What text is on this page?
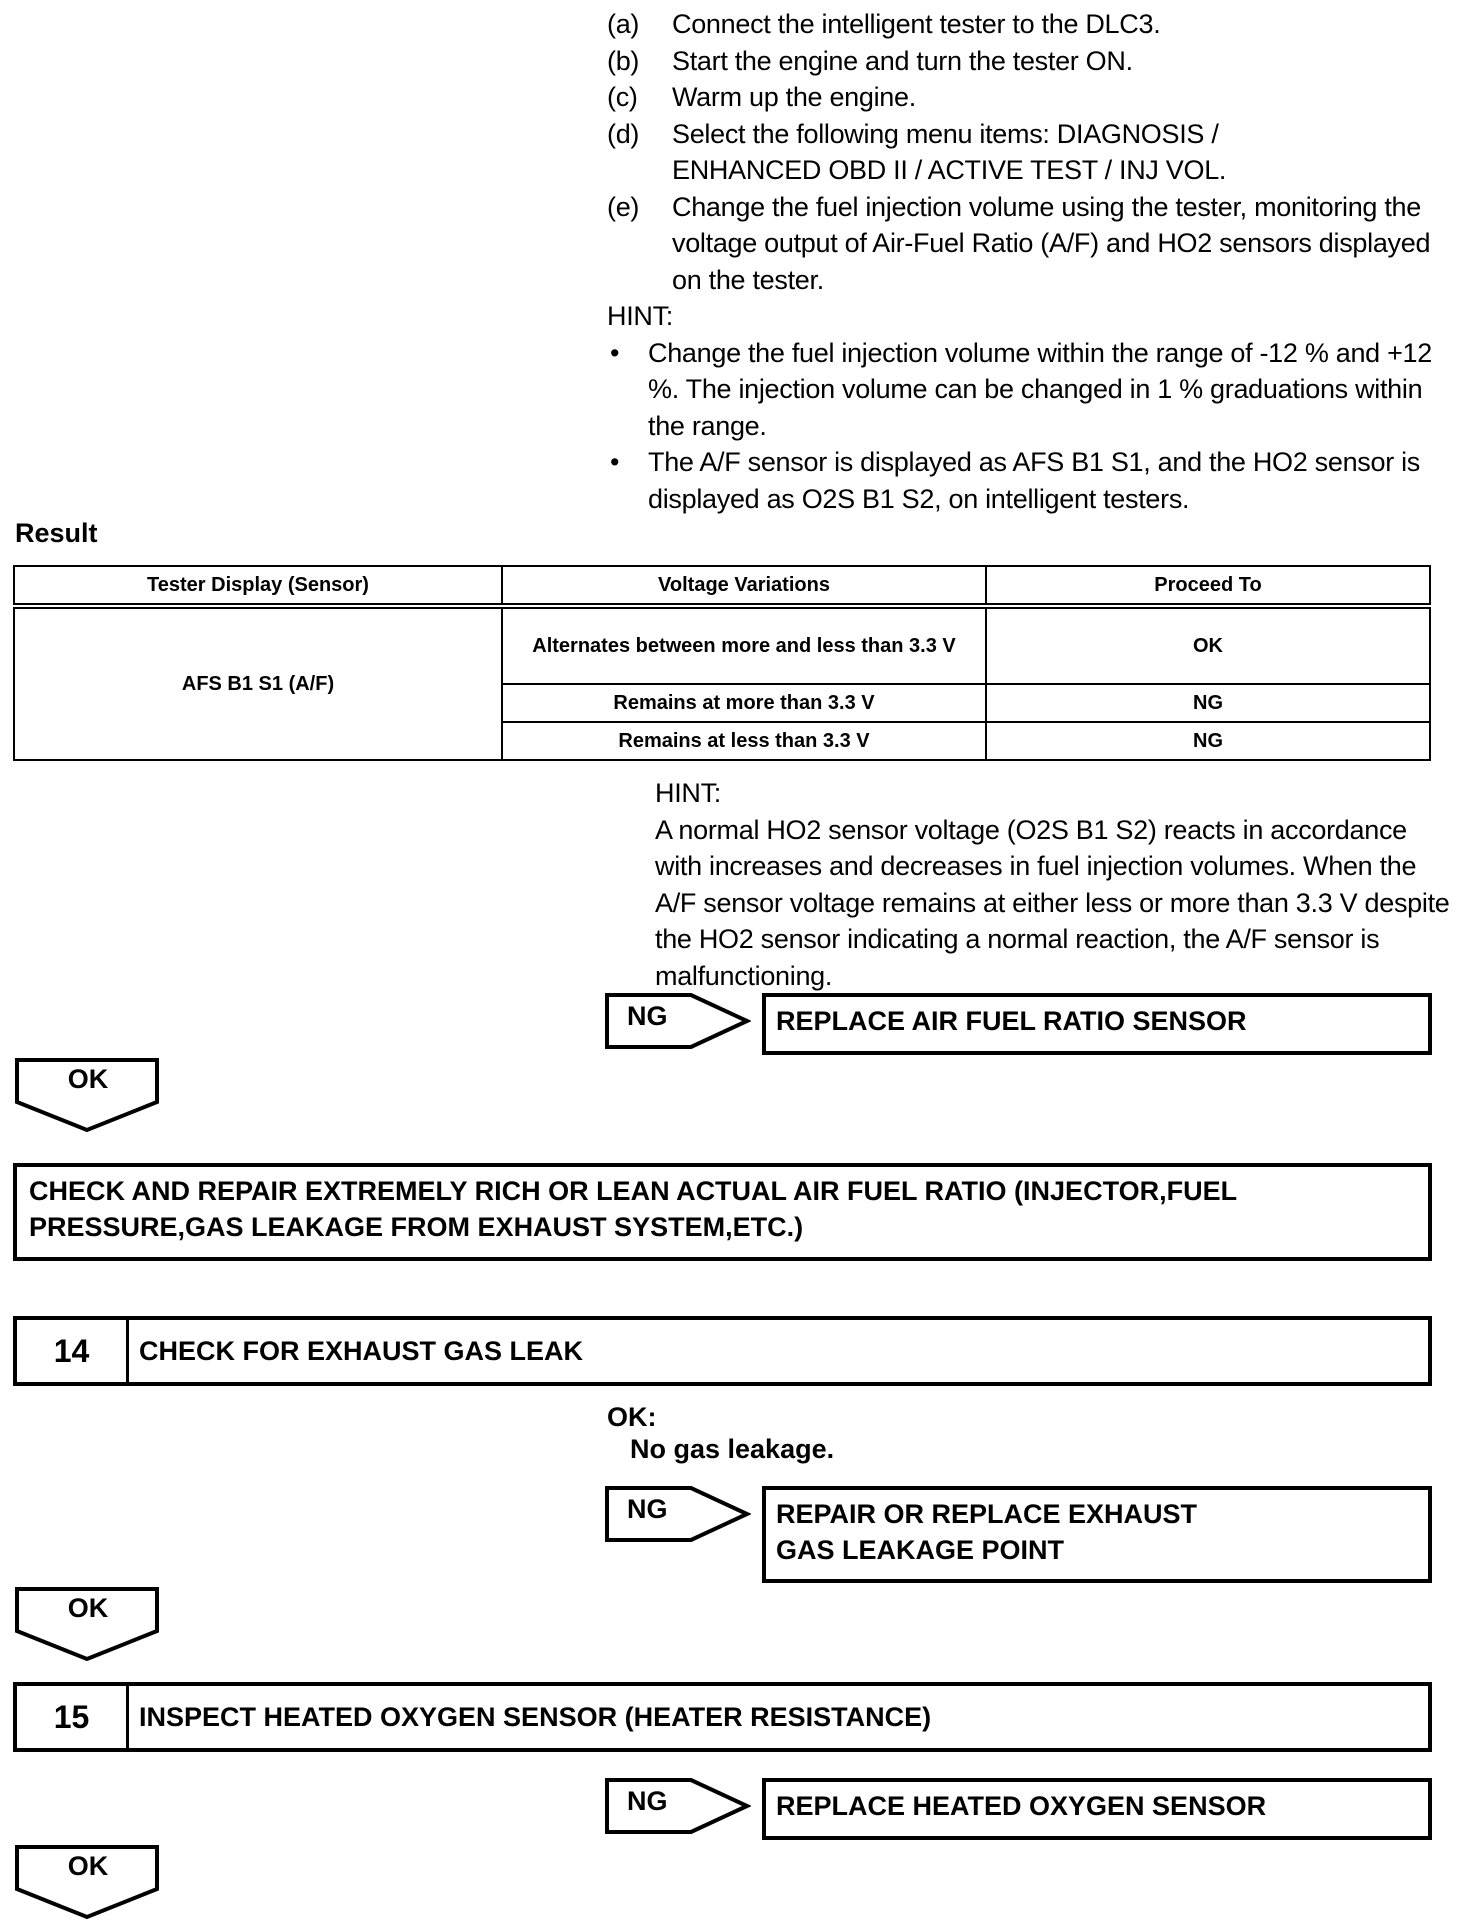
(a)	Connect the intelligent tester to the DLC3.
(b)	Start the engine and turn the tester ON.
(c)	Warm up the engine.
(d)	Select the following menu items: DIAGNOSIS / ENHANCED OBD II / ACTIVE TEST / INJ VOL.
(e)	Change the fuel injection volume using the tester, monitoring the voltage output of Air-Fuel Ratio (A/F) and HO2 sensors displayed on the tester.
HINT:
•	Change the fuel injection volume within the range of -12 % and +12 %. The injection volume can be changed in 1 % graduations within the range.
•	The A/F sensor is displayed as AFS B1 S1, and the HO2 sensor is displayed as O2S B1 S2, on intelligent testers.
Result
Tester Display (Sensor)	Voltage Variations	Proceed To
AFS B1 S1 (A/F)	Alternates between more and less than 3.3 V	OK
	Remains at more than 3.3 V	NG
	Remains at less than 3.3 V	NG
HINT:
A normal HO2 sensor voltage (O2S B1 S2) reacts in accordance with increases and decreases in fuel injection volumes. When the A/F sensor voltage remains at either less or more than 3.3 V despite the HO2 sensor indicating a normal reaction, the A/F sensor is malfunctioning.
NG	REPLACE AIR FUEL RATIO SENSOR
OK
CHECK AND REPAIR EXTREMELY RICH OR LEAN ACTUAL AIR FUEL RATIO (INJECTOR,FUEL PRESSURE,GAS LEAKAGE FROM EXHAUST SYSTEM,ETC.)
14	CHECK FOR EXHAUST GAS LEAK
OK:
No gas leakage.
NG	REPAIR OR REPLACE EXHAUST GAS LEAKAGE POINT
OK
15	INSPECT HEATED OXYGEN SENSOR (HEATER RESISTANCE)
NG	REPLACE HEATED OXYGEN SENSOR
OK
